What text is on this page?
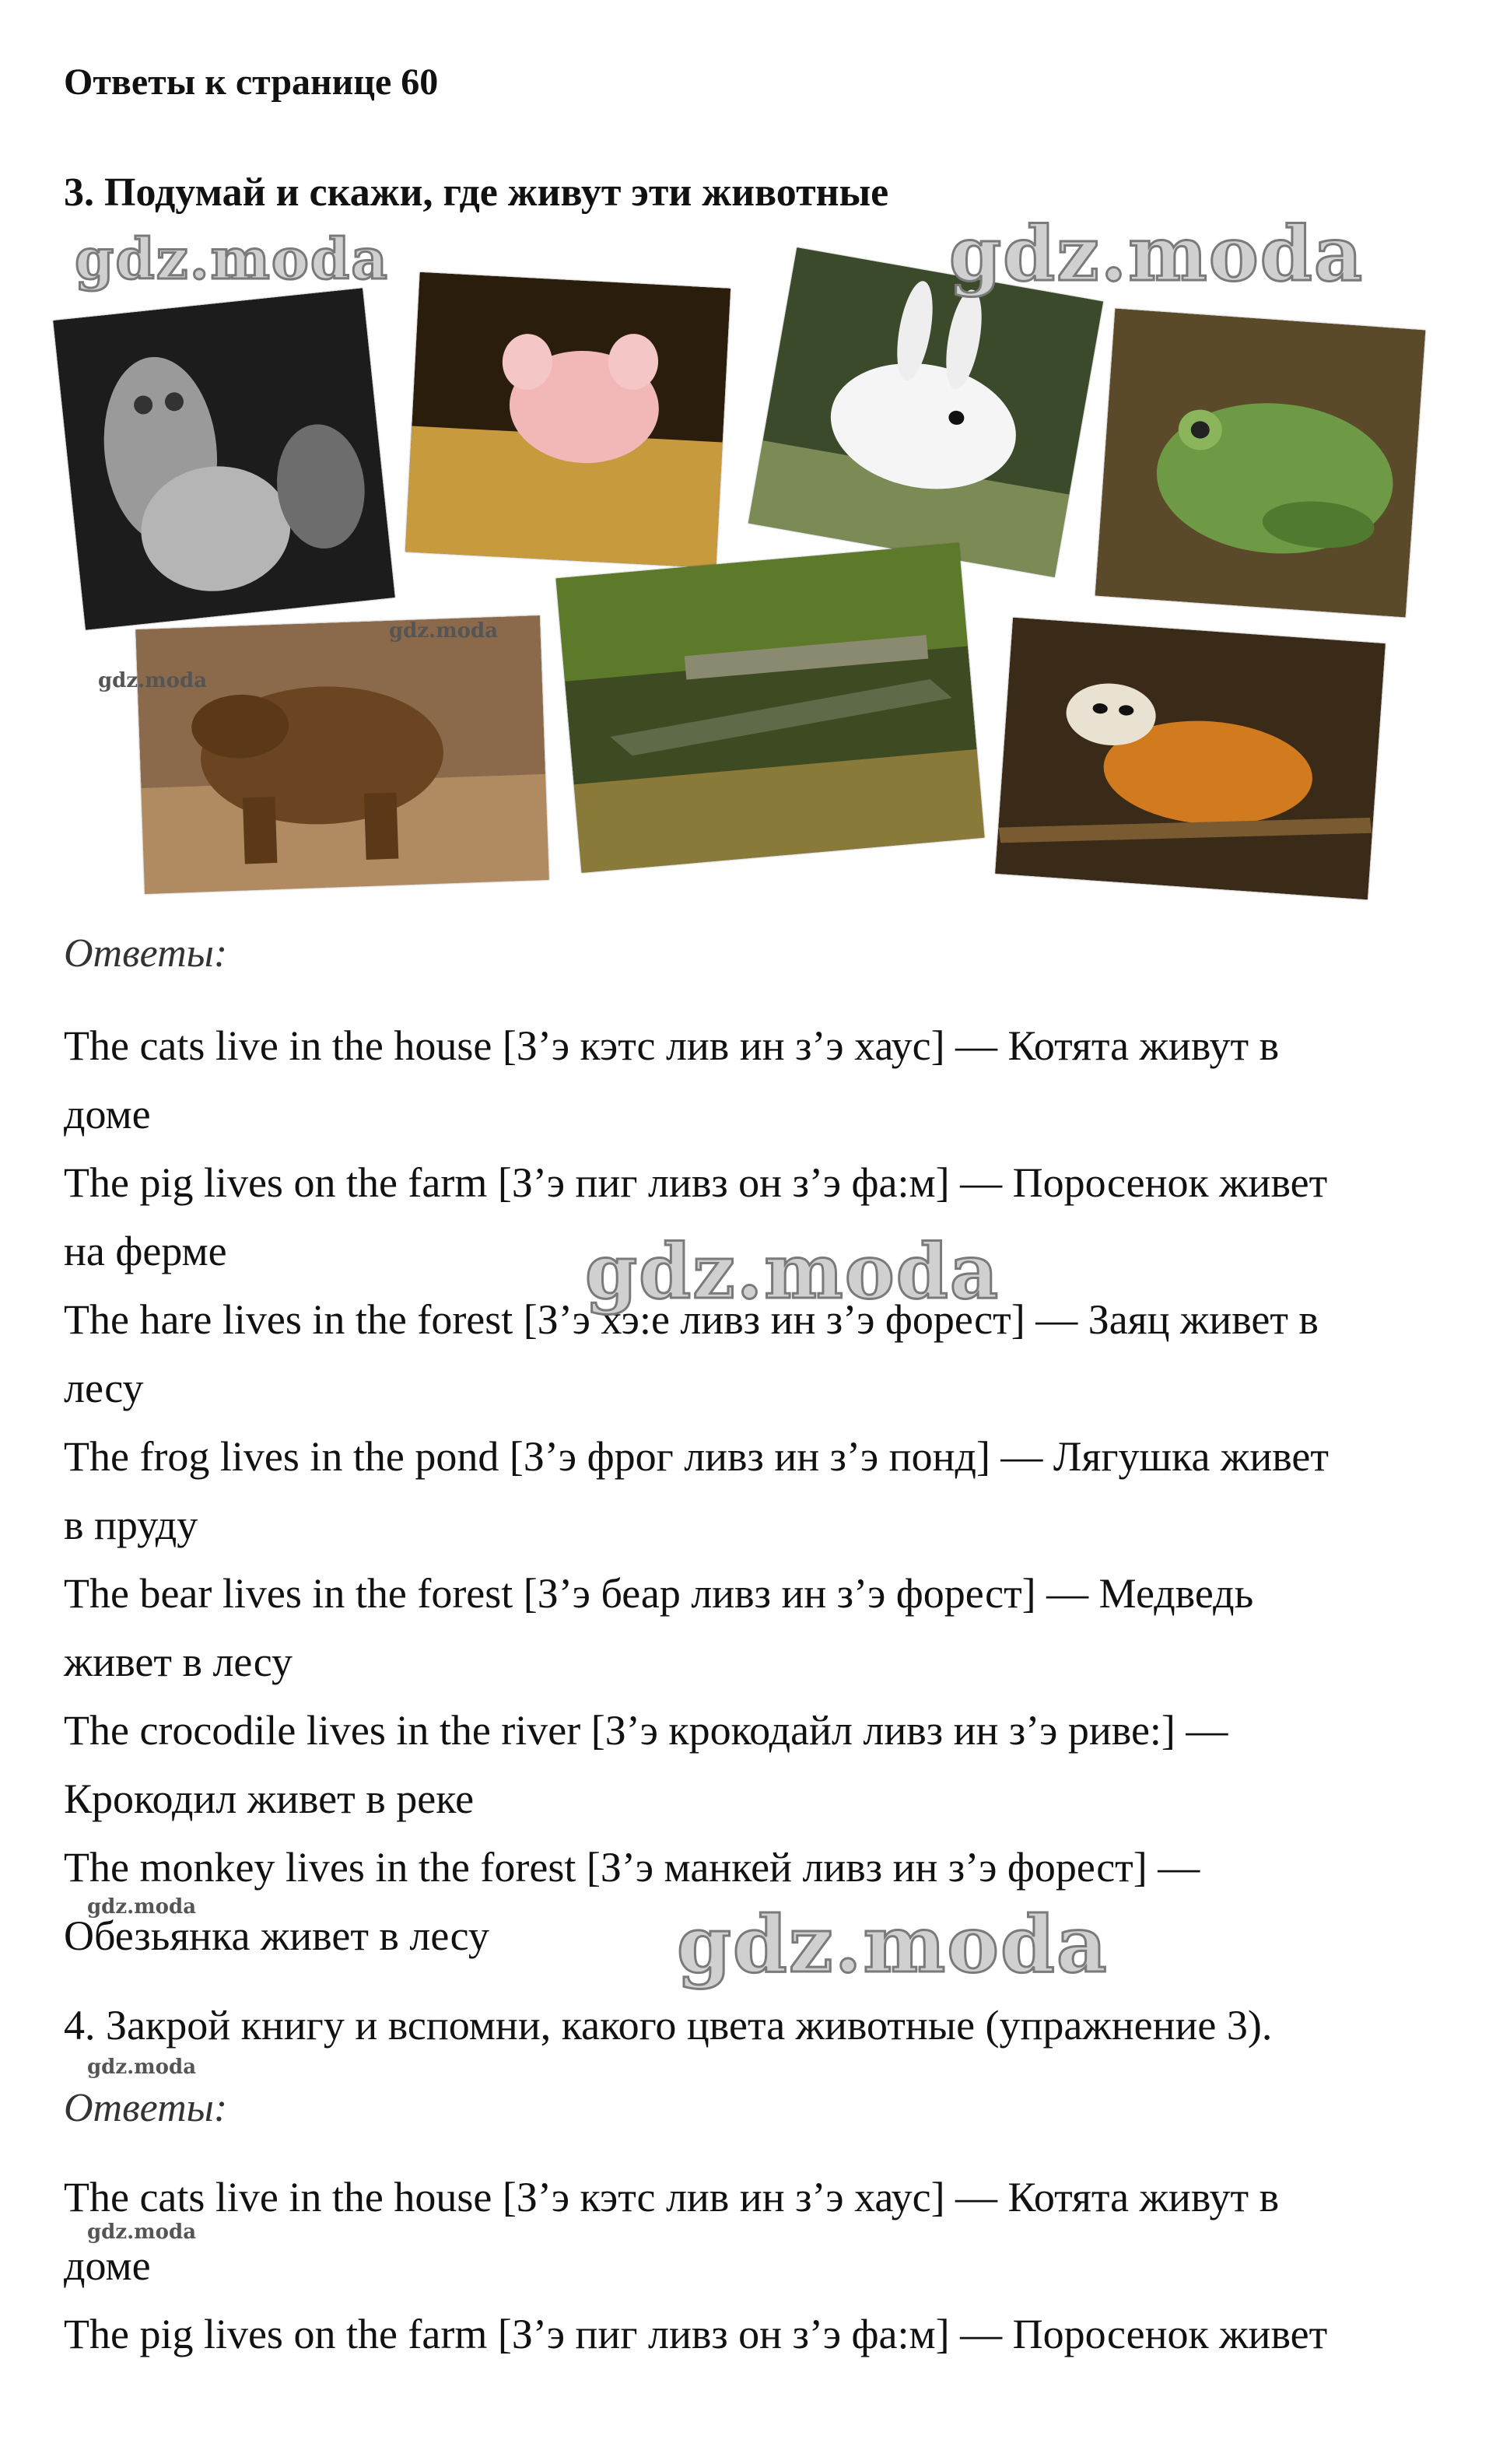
Ответы к странице 60
3. Подумай и скажи, где живут эти животные
Ответы:

The cats live in the house [З’э кэтс лив ин з’э хаус] — Котята живут в

доме

The pig lives on the farm [З’э пиг ливз он з’э фа:м] — Поросенок живет

на ферме

The hare lives in the forest [З’э хэ:е ливз ин з’э форест] — Заяц живет в

лесу

The frog lives in the pond [З’э фрог ливз ин з’э понд] — Лягушка живет

в пруду

The bear lives in the forest [З’э беар ливз ин з’э форест] — Медведь

живет в лесу

The crocodile lives in the river [З’э крокодайл ливз ин з’э риве:] —

Крокодил живет в реке

The monkey lives in the forest [З’э манкей ливз ин з’э форест] —

Обезьянка живет в лесу

4. Закрой книгу и вспомни, какого цвета животные (упражнение 3).
Ответы:

The cats live in the house [З’э кэтс лив ин з’э хаус] — Котята живут в

доме

The pig lives on the farm [З’э пиг ливз он з’э фа:м] — Поросенок живет

gdz.moda	gdz.moda
gdz.moda
gdz.moda
gdz.moda
gdz.moda
gdz.moda
gdz.moda
gdz.moda
